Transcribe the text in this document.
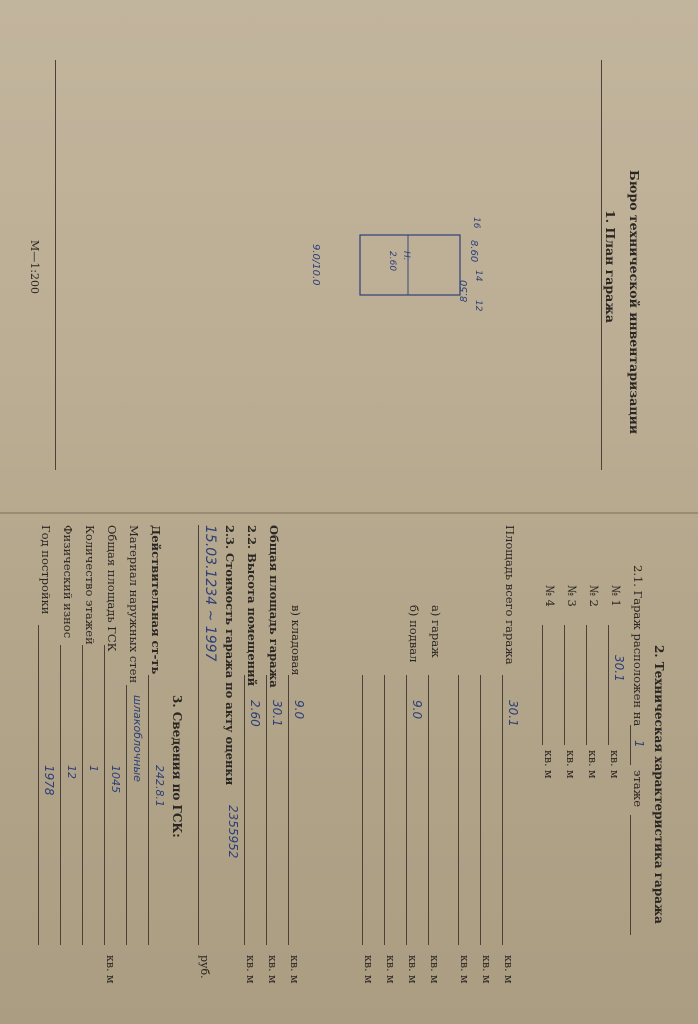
Бюро технической инвентаризации
1. План гаража
16
8.60
Н:
2.60
8.50
9.0/10.0	14
12
М—1:200
2. Техническая характеристика гаража
2.1. Гараж расположен на
1
этаже
№ 1
30.1
кв. м
№ 2
кв. м
№ 3
кв. м
№ 4
кв. м
Площадь всего гаража
30.1
кв. м
кв. м
кв. м
а) гараж
кв. м
б) подвал
9.0
кв. м
кв. м
кв. м
в) кладовая
9.0
кв. м
Общая площадь гаража
30.1
кв. м
2.2. Высота помещений
2.60
кв. м
2.3. Стоимость гаража по акту оценки
2355952
15.03.1234 ~ 1997
руб.
3. Сведения по ГСК:
Действительная ст-ть
242.8.1
Материал наружных стен
шлакоблочные
Общая площадь ГСК
1045
кв. м
Количество этажей
1
Физический износ
12
Год постройки
1978
